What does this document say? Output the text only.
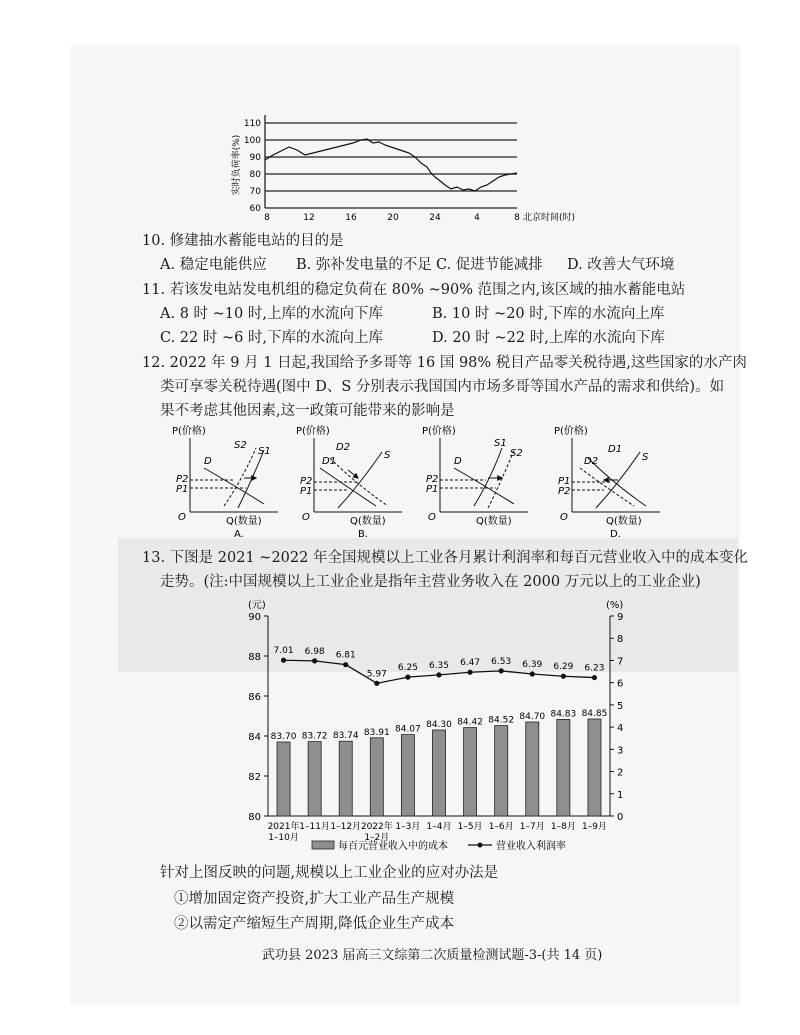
实时负荷率(%)
110
100
90
80
70
60
8	12	16	20	24	4	8 北京时间(时)
10. 修建抽水蓄能电站的目的是
A. 稳定电能供应 B. 弥补发电量的不足 C. 促进节能减排 D. 改善大气环境
11. 若该发电站发电机组的稳定负荷在 80% ~90% 范围之内,该区域的抽水蓄能电站
A. 8 时 ~10 时,上库的水流向下库	B. 10 时 ~20 时,下库的水流向上库
C. 22 时 ~6 时,下库的水流向上库	D. 20 时 ~22 时,上库的水流向下库
12. 2022 年 9 月 1 日起,我国给予多哥等 16 国 98% 税目产品零关税待遇,这些国家的水产肉
类可享零关税待遇(图中 D、S 分别表示我国国内市场多哥等国水产品的需求和供给)。如
果不考虑其他因素,这一政策可能带来的影响是
P(价格)
D
S2
S1
P2
P1
O	Q(数量)
A.
P(价格)
D2
D1
S
P2
P1
O	Q(数量)
B.
P(价格)
D
S1
S2
P2
P1
O	Q(数量)
P(价格)
D1
D2	S
P1
P2
O	Q(数量)
D.
13. 下图是 2021 ~2022 年全国规模以上工业各月累计利润率和每百元营业收入中的成本变化
走势。(注:中国规模以上工业企业是指年主营业务收入在 2000 万元以上的工业企业)
(元)	(%)
80
82
84
86
88
90
0
1
2
3
4
5
6
7
8
9
83.70
2021年
1–10月
83.72
1–11月
83.74
1–12月
83.91
2022年
1–2月
84.07
1–3月
84.30
1–4月
84.42
1–5月
84.52
1–6月
84.70
1–7月
84.83
1–8月
84.85
1–9月
7.01 6.98 6.81
5.97
6.25 6.35 6.47 6.53 6.39 6.29 6.23
每百元营业收入中的成本	营业收入利润率
针对上图反映的问题,规模以上工业企业的应对办法是
①增加固定资产投资,扩大工业产品生产规模
②以需定产缩短生产周期,降低企业生产成本
武功县 2023 届高三文综第二次质量检测试题-3-(共 14 页)
